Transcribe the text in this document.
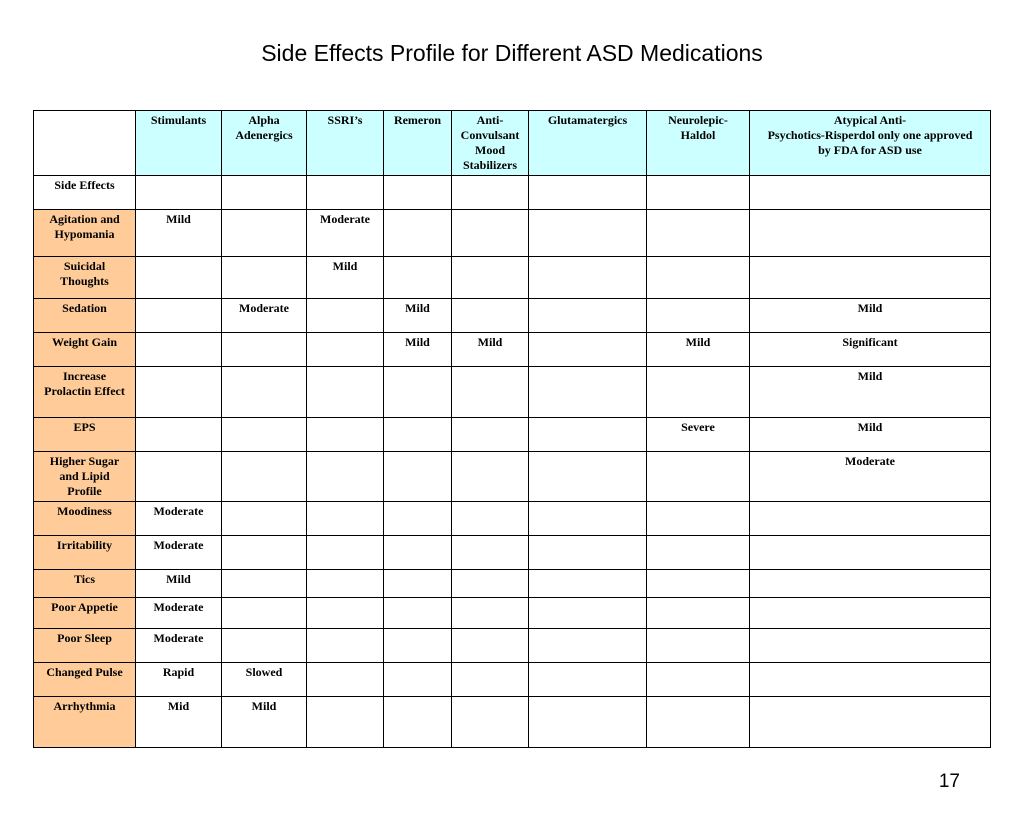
Side Effects Profile for Different ASD Medications
	Stimulants	Alpha
Adenergics	SSRI’s	Remeron	Anti-
Convulsant
Mood
Stabilizers	Glutamatergics	Neurolepic-
Haldol	Atypical Anti-
Psychotics-Risperdol only one approved
by FDA for ASD use
Side Effects								
Agitation and
Hypomania	Mild		Moderate					
Suicidal
Thoughts			Mild					
Sedation		Moderate		Mild				Mild
Weight Gain				Mild	Mild		Mild	Significant
Increase
Prolactin Effect								Mild
EPS							Severe	Mild
Higher Sugar
and Lipid
Profile								Moderate
Moodiness	Moderate							
Irritability	Moderate							
Tics	Mild							
Poor Appetie	Moderate							
Poor Sleep	Moderate							
Changed Pulse	Rapid	Slowed						
Arrhythmia	Mid	Mild						
17
